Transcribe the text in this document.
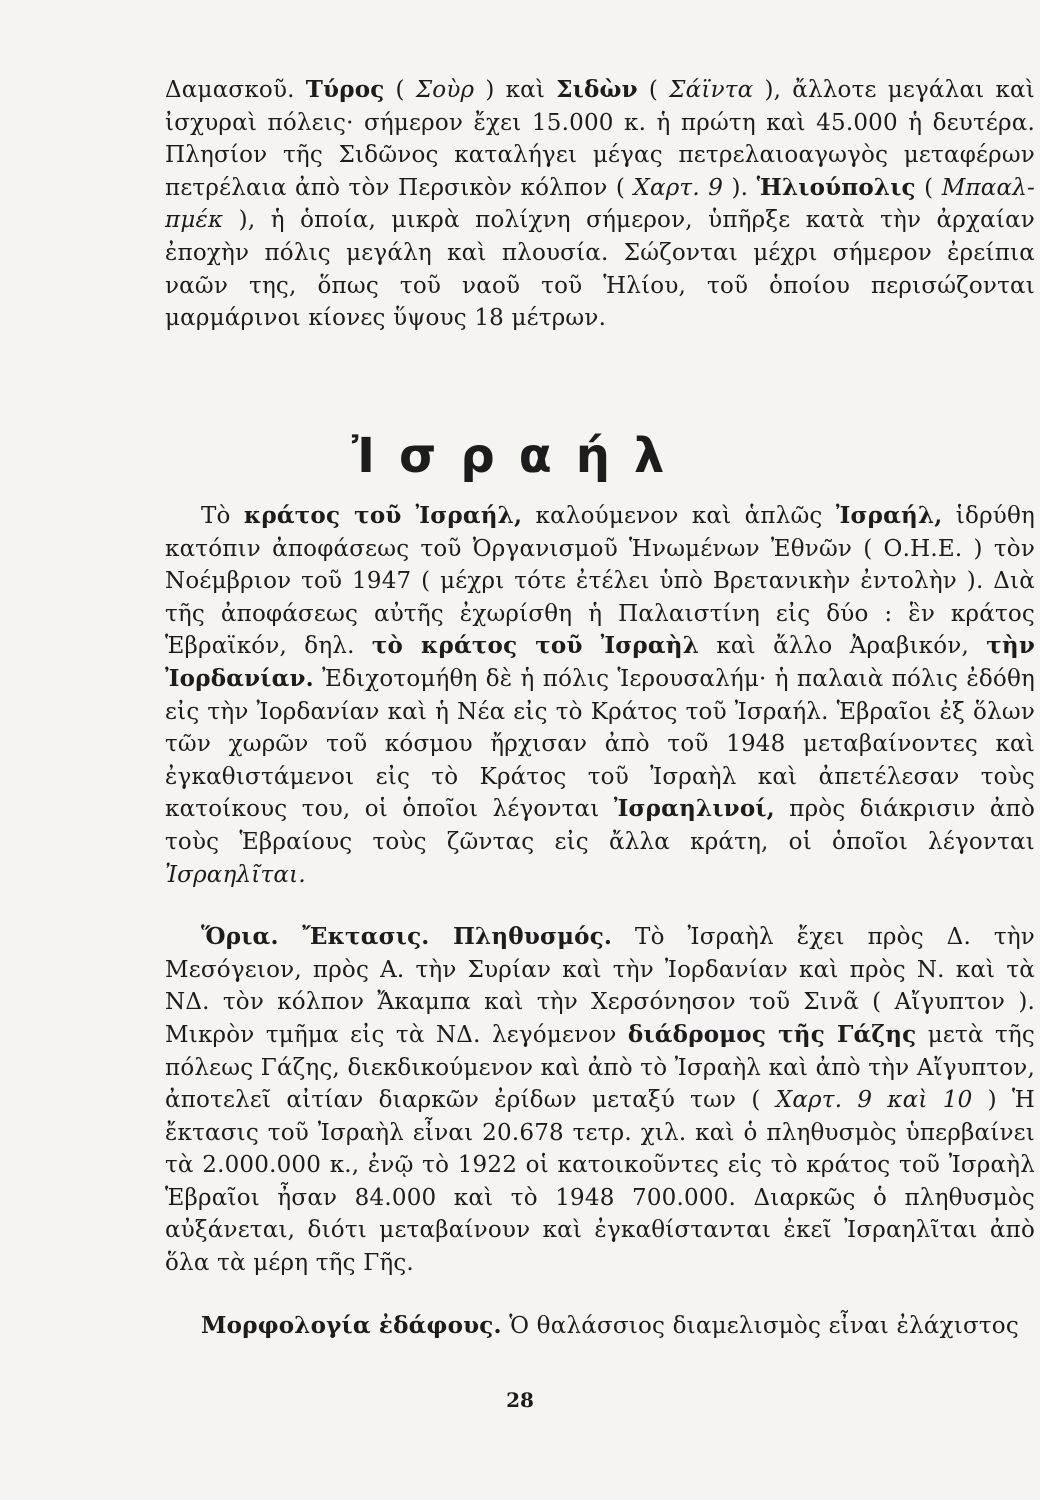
Δαμασκοῦ. Τύρος ( Σοὺρ ) καὶ Σιδὼν ( Σάϊντα ), ἄλλοτε μεγάλαι καὶ ἰσχυραὶ πόλεις· σήμερον ἔχει 15.000 κ. ἡ πρώτη καὶ 45.000 ἡ δευτέρα. Πλησίον τῆς Σιδῶνος καταλήγει μέγας πετρελαιοαγωγὸς μεταφέρων πετρέλαια ἀπὸ τὸν Περσικὸν κόλπον ( Χαρτ. 9 ). Ἡλιούπολις ( Μπααλ-πμέκ ), ἡ ὁποία, μικρὰ πολίχνη σήμερον, ὑπῆρξε κατὰ τὴν ἀρχαίαν ἐποχὴν πόλις μεγάλη καὶ πλουσία. Σώζονται μέχρι σήμερον ἐρείπια ναῶν της, ὅπως τοῦ ναοῦ τοῦ Ἡλίου, τοῦ ὁποίου περισώζονται μαρμάρινοι κίονες ὕψους 18 μέτρων.

Ἰσραήλ

Τὸ κράτος τοῦ Ἰσραήλ, καλούμενον καὶ ἁπλῶς Ἰσραήλ, ἱδρύθη κατόπιν ἀποφάσεως τοῦ Ὀργανισμοῦ Ἡνωμένων Ἐθνῶν ( Ο.Η.Ε. ) τὸν Νοέμβριον τοῦ 1947 ( μέχρι τότε ἐτέλει ὑπὸ Βρετανικὴν ἐντολὴν ). Διὰ τῆς ἀποφάσεως αὐτῆς ἐχωρίσθη ἡ Παλαιστίνη εἰς δύο : ἓν κράτος Ἑβραϊκόν, δηλ. τὸ κράτος τοῦ Ἰσραὴλ καὶ ἄλλο Ἀραβικόν, τὴν Ἰορδανίαν. Ἐδιχοτομήθη δὲ ἡ πόλις Ἱερουσαλήμ· ἡ παλαιὰ πόλις ἐδόθη εἰς τὴν Ἰορδανίαν καὶ ἡ Νέα εἰς τὸ Κράτος τοῦ Ἰσραήλ. Ἑβραῖοι ἐξ ὅλων τῶν χωρῶν τοῦ κόσμου ἤρχισαν ἀπὸ τοῦ 1948 μεταβαίνοντες καὶ ἐγκαθιστάμενοι εἰς τὸ Κράτος τοῦ Ἰσραὴλ καὶ ἀπετέλεσαν τοὺς κατοίκους του, οἱ ὁποῖοι λέγονται Ἰσραηλινοί, πρὸς διάκρισιν ἀπὸ τοὺς Ἑβραίους τοὺς ζῶντας εἰς ἄλλα κράτη, οἱ ὁποῖοι λέγονται Ἰσραηλῖται.

Ὅρια. Ἔκτασις. Πληθυσμός. Τὸ Ἰσραὴλ ἔχει πρὸς Δ. τὴν Μεσόγειον, πρὸς Α. τὴν Συρίαν καὶ τὴν Ἰορδανίαν καὶ πρὸς Ν. καὶ τὰ ΝΔ. τὸν κόλπον Ἄκαμπα καὶ τὴν Χερσόνησον τοῦ Σινᾶ ( Αἴγυπτον ). Μικρὸν τμῆμα εἰς τὰ ΝΔ. λεγόμενον διάδρομος τῆς Γάζης μετὰ τῆς πόλεως Γάζης, διεκδικούμενον καὶ ἀπὸ τὸ Ἰσραὴλ καὶ ἀπὸ τὴν Αἴγυπτον, ἀποτελεῖ αἰτίαν διαρκῶν ἐρίδων μεταξύ των ( Χαρτ. 9 καὶ 10 ) Ἡ ἔκτασις τοῦ Ἰσραὴλ εἶναι 20.678 τετρ. χιλ. καὶ ὁ πληθυσμὸς ὑπερβαίνει τὰ 2.000.000 κ., ἐνῷ τὸ 1922 οἱ κατοικοῦντες εἰς τὸ κράτος τοῦ Ἰσραὴλ Ἑβραῖοι ἦσαν 84.000 καὶ τὸ 1948 700.000. Διαρκῶς ὁ πληθυσμὸς αὐξάνεται, διότι μεταβαίνουν καὶ ἐγκαθίστανται ἐκεῖ Ἰσραηλῖται ἀπὸ ὅλα τὰ μέρη τῆς Γῆς.

Μορφολογία ἐδάφους. Ὁ θαλάσσιος διαμελισμὸς εἶναι ἐλάχιστος

28
